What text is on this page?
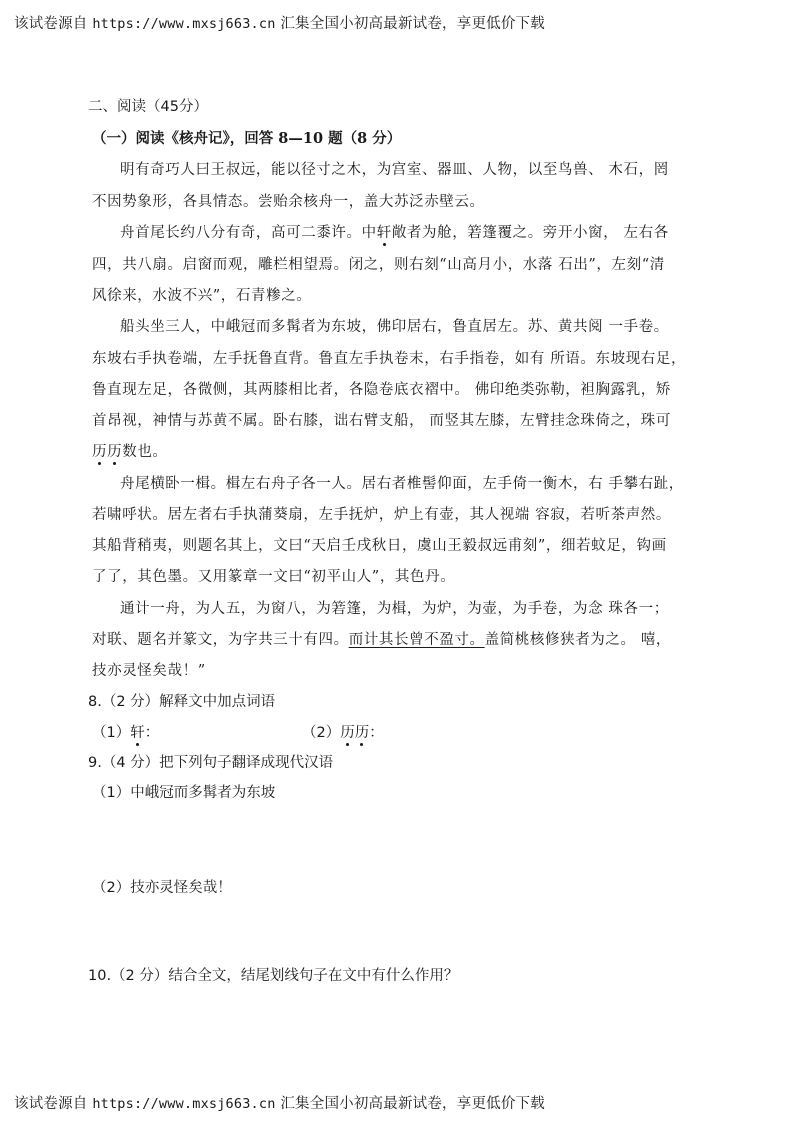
该试卷源自 https://www.mxsj663.cn 汇集全国小初高最新试卷，享更低价下载
二、阅读（45分）
（一）阅读《核舟记》，回答 8—10 题（8 分）
明有奇巧人曰王叔远，能以径寸之木，为宫室、器皿、人物，以至鸟兽、 木石，罔
不因势象形，各具情态。尝贻余核舟一，盖大苏泛赤壁云。
舟首尾长约八分有奇，高可二黍许。中轩敞者为舱，箬篷覆之。旁开小窗， 左右各
四，共八扇。启窗而观，雕栏相望焉。闭之，则右刻“山高月小，水落 石出”，左刻“清
风徐来，水波不兴”，石青糁之。
船头坐三人，中峨冠而多髯者为东坡，佛印居右，鲁直居左。苏、黄共阅 一手卷。
东坡右手执卷端，左手抚鲁直背。鲁直左手执卷末，右手指卷，如有 所语。东坡现右足，
鲁直现左足，各微侧，其两膝相比者，各隐卷底衣褶中。 佛印绝类弥勒，袒胸露乳，矫
首昂视，神情与苏黄不属。卧右膝，诎右臂支船， 而竖其左膝，左臂挂念珠倚之，珠可
历历数也。
舟尾横卧一楫。楫左右舟子各一人。居右者椎髻仰面，左手倚一衡木，右 手攀右趾，
若啸呼状。居左者右手执蒲葵扇，左手抚炉，炉上有壶，其人视端 容寂，若听茶声然。
其船背稍夷，则题名其上，文曰“天启壬戌秋日，虞山王毅叔远甫刻”，细若蚊足，钩画
了了，其色墨。又用篆章一文曰“初平山人”，其色丹。
通计一舟，为人五，为窗八，为箬篷，为楫，为炉，为壶，为手卷，为念 珠各一；
对联、题名并篆文，为字共三十有四。而计其长曾不盈寸。盖简桃核修狭者为之。 嘻，
技亦灵怪矣哉！”
8.（2 分）解释文中加点词语
（1）轩：	（2）历历：
9.（4 分）把下列句子翻译成现代汉语
（1）中峨冠而多髯者为东坡
（2）技亦灵怪矣哉！
10.（2 分）结合全文，结尾划线句子在文中有什么作用？
该试卷源自 https://www.mxsj663.cn 汇集全国小初高最新试卷，享更低价下载
